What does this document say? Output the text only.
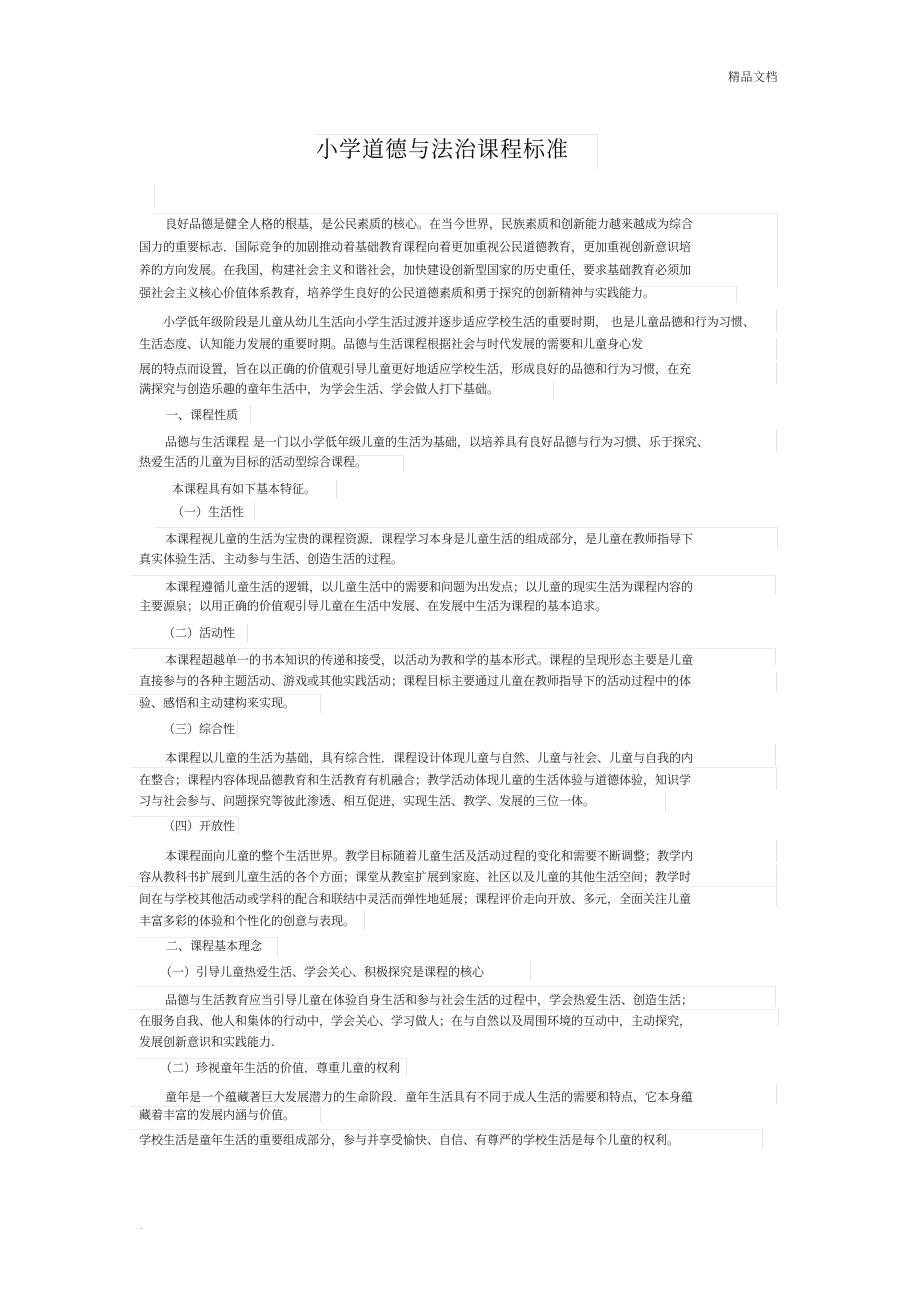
精品文档
小学道德与法治课程标准
良好品德是健全人格的根基，是公民素质的核心。在当今世界，民族素质和创新能力越来越成为综合
国力的重要标志．国际竞争的加剧推动着基础教育课程向着更加重视公民道德教育，更加重视创新意识培
养的方向发展。在我国，构建社会主义和谐社会，加快建设创新型国家的历史重任，要求基础教育必须加
强社会主义核心价值体系教育，培养学生良好的公民道德素质和勇于探究的创新精神与实践能力。
小学低年级阶段是儿童从幼儿生活向小学生活过渡并逐步适应学校生活的重要时期， 也是儿童品德和行为习惯、
生活态度、认知能力发展的重要时期。品德与生活课程根据社会与时代发展的需要和儿童身心发
展的特点而设置，旨在以正确的价值观引导儿童更好地适应学校生活，形成良好的品德和行为习惯，在充
满探究与创造乐趣的童年生活中，为学会生活、学会做人打下基础。
一、课程性质
品德与生活课程 是一门以小学低年级儿童的生活为基础，以培养具有良好品德与行为习惯、乐于探究、
热爱生活的儿童为目标的活动型综合课程。
本课程具有如下基本特征。
（一）生活性
本课程视儿童的生活为宝贵的课程资源．课程学习本身是儿童生活的组成部分，是儿童在教师指导下
真实体验生活、主动参与生活、创造生活的过程。
本课程遵循儿童生活的逻辑，以儿童生活中的需要和问题为出发点；以儿童的现实生活为课程内容的
主要源泉；以用正确的价值观引导儿童在生活中发展、在发展中生活为课程的基本追求。
（二）活动性
本课程超越单一的书本知识的传递和接受，以活动为教和学的基本形式。课程的呈现形态主要是儿童
直接参与的各种主题活动、游戏或其他实践活动；课程目标主要通过儿童在教师指导下的活动过程中的体
验、感悟和主动建构来实现。
（三）综合性
本课程以儿童的生活为基础，具有综合性．课程设计体现儿童与自然、儿童与社会、儿童与自我的内
在整合；课程内容体现品德教育和生活教育有机融合；教学活动体现儿童的生活体验与道德体验，知识学
习与社会参与、问题探究等彼此渗透、相互促进，实现生活、教学、发展的三位一体。
（四）开放性
本课程面向儿童的整个生活世界。教学目标随着儿童生活及活动过程的变化和需要不断调整；教学内
容从教科书扩展到儿童生活的各个方面；课堂从教室扩展到家庭、社区以及儿童的其他生活空间；教学时
间在与学校其他活动或学科的配合和联结中灵活而弹性地延展；课程评价走向开放、多元，全面关注儿童
丰富多彩的体验和个性化的创意与表现。
二、课程基本理念
（一）引导儿童热爱生活、学会关心、积极探究是课程的核心
品德与生活教育应当引导儿童在体验自身生活和参与社会生活的过程中，学会热爱生活、创造生活；
在服务自我、他人和集体的行动中，学会关心、学习做人；在与自然以及周围环境的互动中，主动探究，
发展创新意识和实践能力.
（二）珍视童年生活的价值．尊重儿童的权利
童年是一个蕴藏著巨大发展潜力的生命阶段．童年生活具有不同于成人生活的需要和特点，它本身蕴
藏着丰富的发展内涵与价值。
学校生活是童年生活的重要组成部分，参与并享受愉快、自信、有尊严的学校生活是每个儿童的权利。
.
